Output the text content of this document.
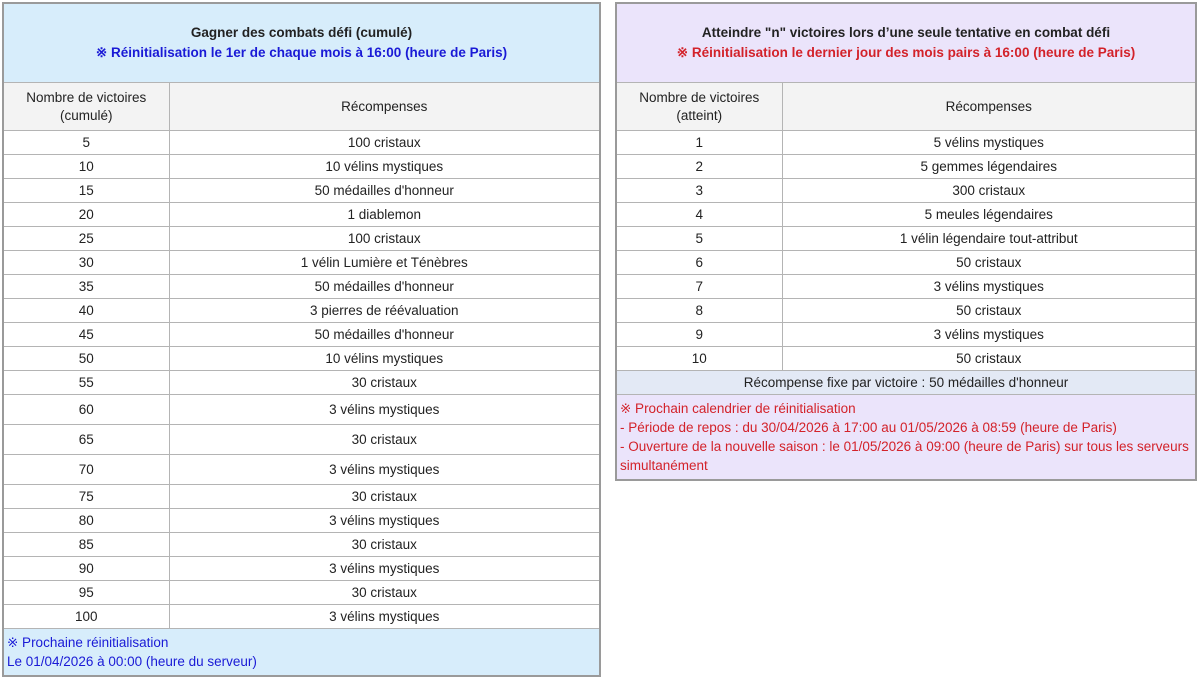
Gagner des combats défi (cumulé)
※ Réinitialisation le 1er de chaque mois à 16:00 (heure de Paris)	

Nombre de victoires
(cumulé)	Récompenses
5	100 cristaux
10	10 vélins mystiques
15	50 médailles d'honneur
20	1 diablemon
25	100 cristaux
30	1 vélin Lumière et Ténèbres
35	50 médailles d'honneur
40	3 pierres de réévaluation
45	50 médailles d'honneur
50	10 vélins mystiques
55	30 cristaux
60	3 vélins mystiques
65	30 cristaux
70	3 vélins mystiques
75	30 cristaux
80	3 vélins mystiques
85	30 cristaux
90	3 vélins mystiques
95	30 cristaux
100	3 vélins mystiques

※ Prochaine réinitialisation
Le 01/04/2026 à 00:00 (heure du serveur)	
Atteindre "n" victoires lors d’une seule tentative en combat défi
※ Réinitialisation le dernier jour des mois pairs à 16:00 (heure de Paris)	

Nombre de victoires
(atteint)	Récompenses
1	5 vélins mystiques
2	5 gemmes légendaires
3	300 cristaux
4	5 meules légendaires
5	1 vélin légendaire tout-attribut
6	50 cristaux
7	3 vélins mystiques
8	50 cristaux
9	3 vélins mystiques
10	50 cristaux
Récompense fixe par victoire : 50 médailles d'honneur	

※ Prochain calendrier de réinitialisation
- Période de repos : du 30/04/2026 à 17:00 au 01/05/2026 à 08:59 (heure de Paris)
- Ouverture de la nouvelle saison : le 01/05/2026 à 09:00 (heure de Paris) sur tous les serveurs simultanément	
